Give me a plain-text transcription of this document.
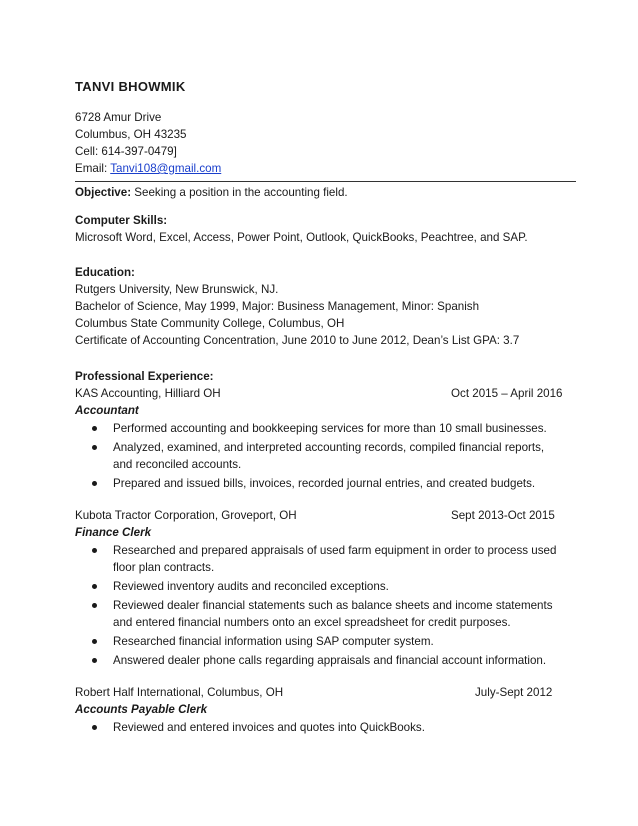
TANVI BHOWMIK
6728 Amur Drive
Columbus, OH 43235
Cell: 614-397-0479]
Email: Tanvi108@gmail.com
Objective: Seeking a position in the accounting field.
Computer Skills:
Microsoft Word, Excel, Access, Power Point, Outlook, QuickBooks, Peachtree, and SAP.
Education:
Rutgers University, New Brunswick, NJ.
Bachelor of Science, May 1999, Major: Business Management, Minor: Spanish
Columbus State Community College, Columbus, OH
Certificate of Accounting Concentration, June 2010 to June 2012, Dean’s List GPA: 3.7
Professional Experience:
KAS Accounting, Hilliard OH	Oct 2015 – April 2016
Accountant
Performed accounting and bookkeeping services for more than 10 small businesses.
Analyzed, examined, and interpreted accounting records, compiled financial reports,
and reconciled accounts.
Prepared and issued bills, invoices, recorded journal entries, and created budgets.
Kubota Tractor Corporation, Groveport, OH	Sept 2013-Oct 2015
Finance Clerk
Researched and prepared appraisals of used farm equipment in order to process used
floor plan contracts.
Reviewed inventory audits and reconciled exceptions.
Reviewed dealer financial statements such as balance sheets and income statements
and entered financial numbers onto an excel spreadsheet for credit purposes.
Researched financial information using SAP computer system.
Answered dealer phone calls regarding appraisals and financial account information.
Robert Half International, Columbus, OH	July-Sept 2012
Accounts Payable Clerk
Reviewed and entered invoices and quotes into QuickBooks.
